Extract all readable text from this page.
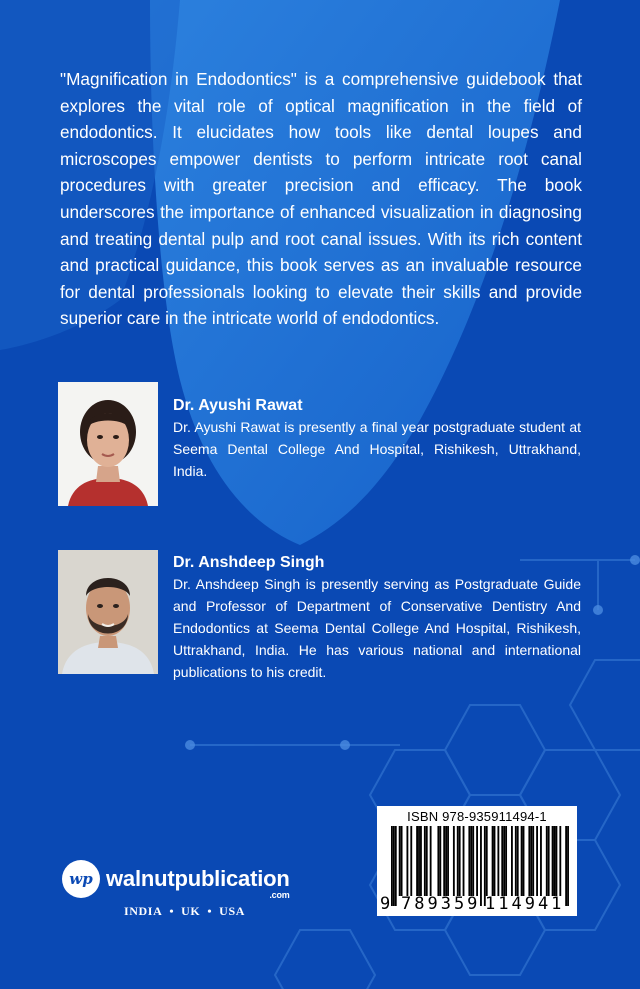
"Magnification in Endodontics" is a comprehensive guidebook that explores the vital role of optical magnification in the field of endodontics. It elucidates how tools like dental loupes and microscopes empower dentists to perform intricate root canal procedures with greater precision and efficacy. The book underscores the importance of enhanced visualization in diagnosing and treating dental pulp and root canal issues. With its rich content and practical guidance, this book serves as an invaluable resource for dental professionals looking to elevate their skills and provide superior care in the intricate world of endodontics.

Dr. Ayushi Rawat

Dr. Ayushi Rawat is presently a final year postgraduate student at Seema Dental College And Hospital, Rishikesh, Uttrakhand, India.

Dr. Anshdeep Singh

Dr. Anshdeep Singh is presently serving as Postgraduate Guide and Professor of Department of Conservative Dentistry And Endodontics at Seema Dental College And Hospital, Rishikesh, Uttrakhand, India. He has various national and international publications to his credit.

ISBN 978-935911494-1
9 789359 114941
wp walnutpublication
.com
INDIA • UK • USA
